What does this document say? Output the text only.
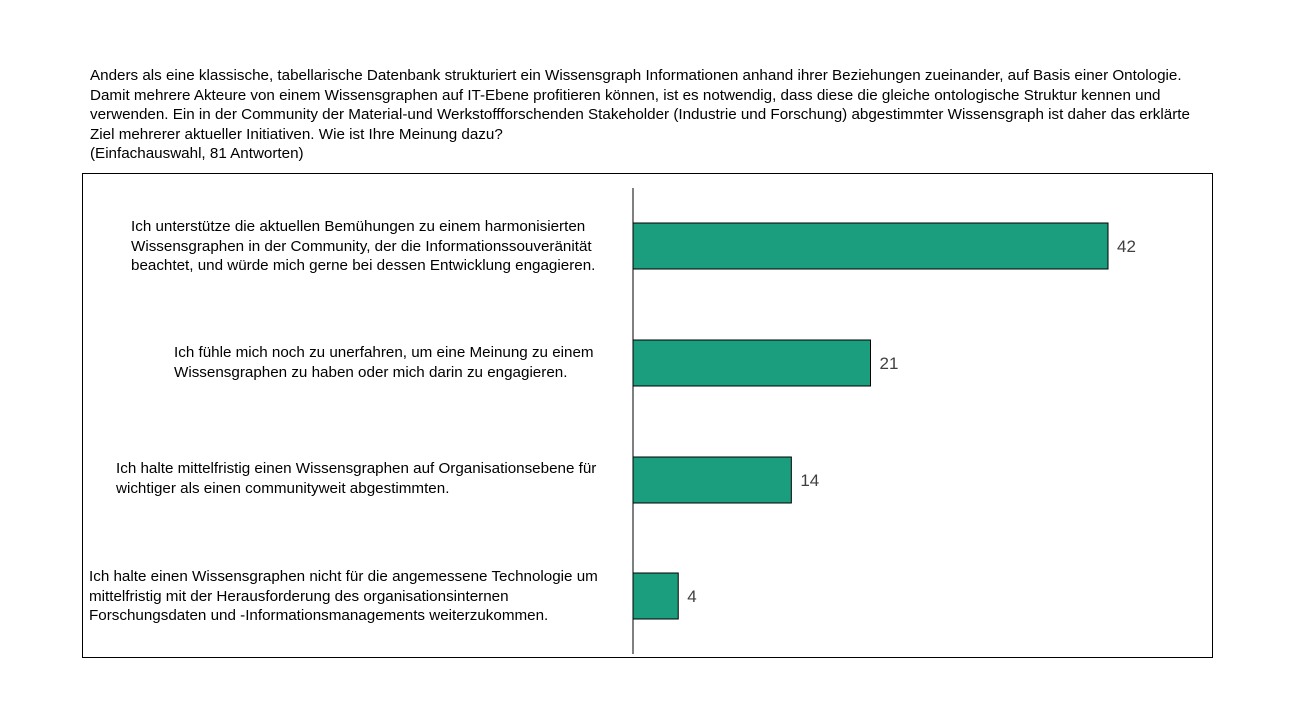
Anders als eine klassische, tabellarische Datenbank strukturiert ein Wissensgraph Informationen anhand ihrer Beziehungen zueinander, auf Basis einer Ontologie. Damit mehrere Akteure von einem Wissensgraphen auf IT-Ebene profitieren können, ist es notwendig, dass diese die gleiche ontologische Struktur kennen und verwenden. Ein in der Community der Material-und Werkstoffforschenden Stakeholder (Industrie und Forschung) abgestimmter Wissensgraph ist daher das erklärte Ziel mehrerer aktueller Initiativen. Wie ist Ihre Meinung dazu?

(Einfachauswahl, 81 Antworten)

Ich unterstütze die aktuellen Bemühungen zu einem harmonisierten Wissensgraphen in der Community, der die Informationssouveränität beachtet, und würde mich gerne bei dessen Entwicklung engagieren.
Ich fühle mich noch zu unerfahren, um eine Meinung zu einem Wissensgraphen zu haben oder mich darin zu engagieren.
Ich halte mittelfristig einen Wissensgraphen auf Organisationsebene für wichtiger als einen communityweit abgestimmten.
Ich halte einen Wissensgraphen nicht für die angemessene Technologie um mittelfristig mit der Herausforderung des organisationsinternen Forschungsdaten und -Informationsmanagements weiterzukommen.
42
21
14
4
